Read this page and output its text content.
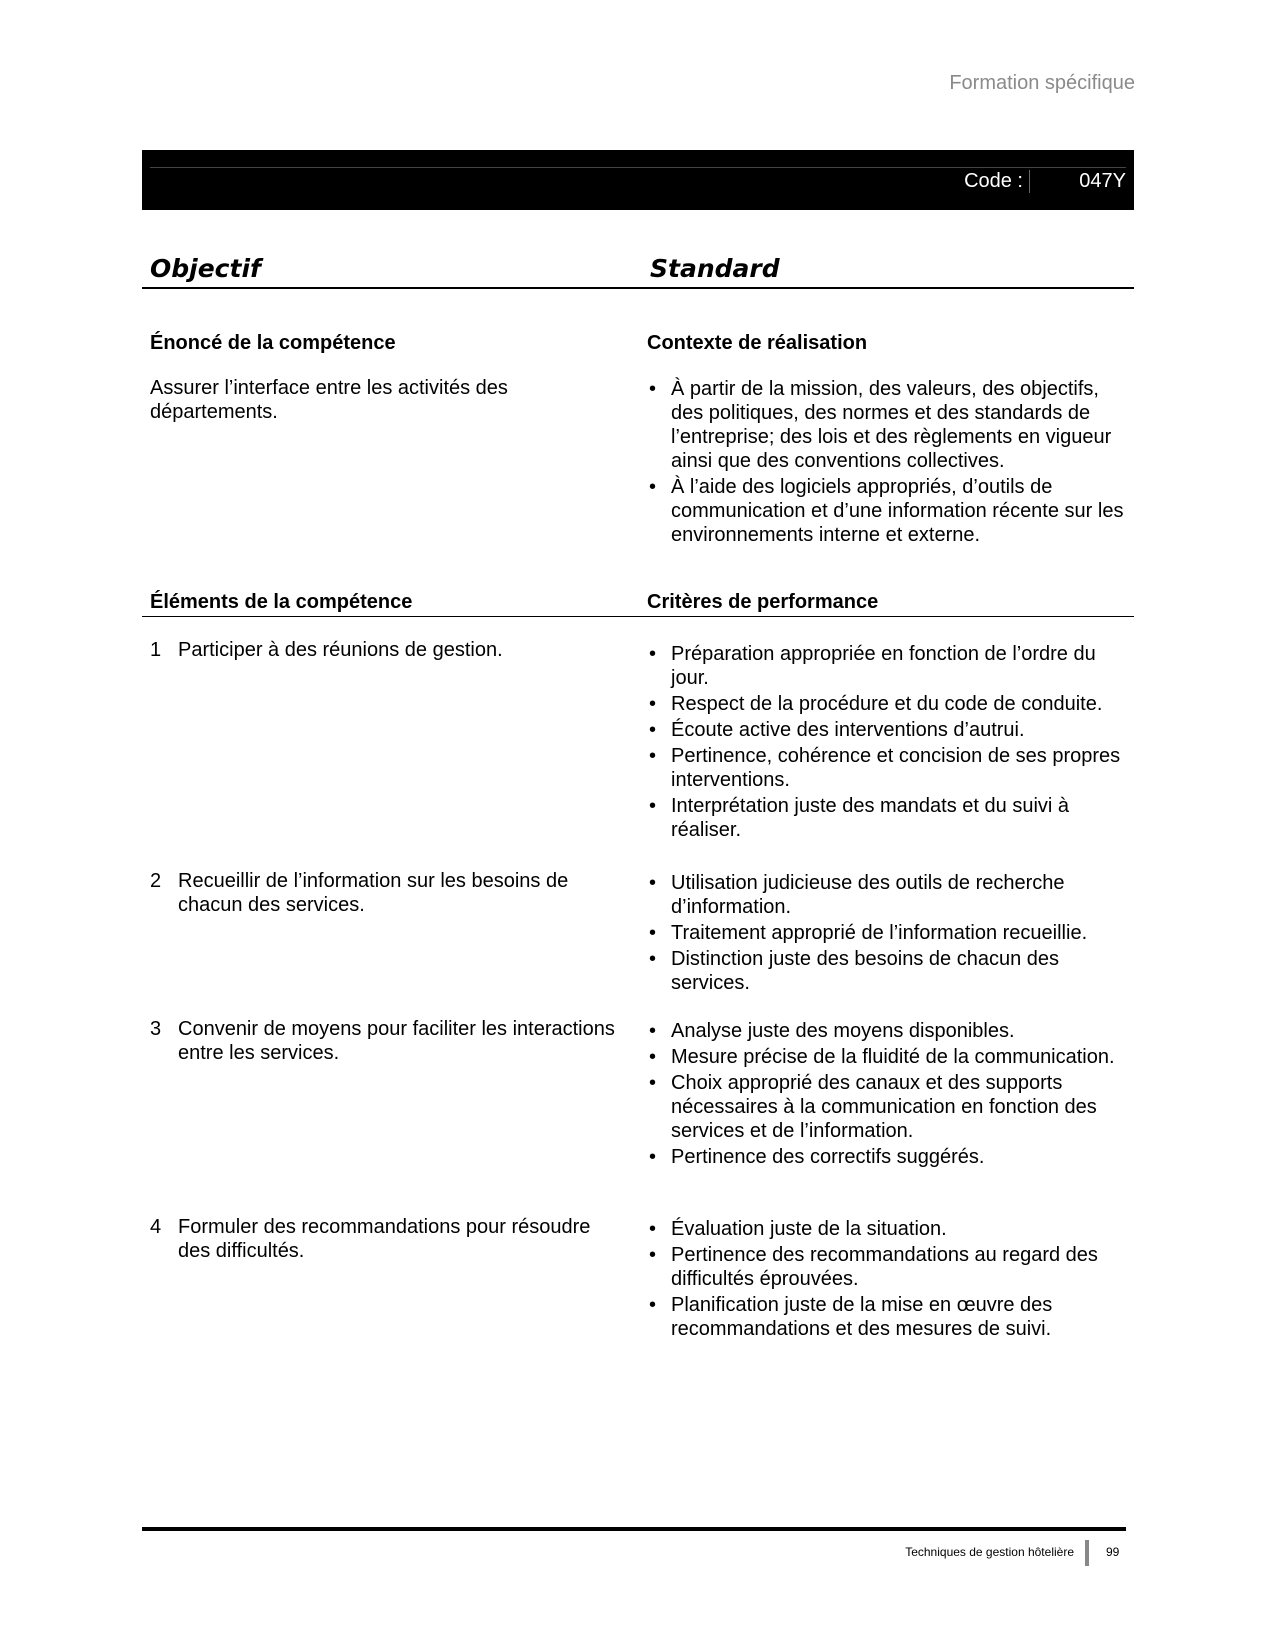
Formation spécifique
Code :	047Y
Objectif	Standard
Énoncé de la compétence
Assurer l’interface entre les activités des départements.
Contexte de réalisation
• À partir de la mission, des valeurs, des objectifs, des politiques, des normes et des standards de l’entreprise; des lois et des règlements en vigueur ainsi que des conventions collectives.
• À l’aide des logiciels appropriés, d’outils de communication et d’une information récente sur les environnements interne et externe.
Éléments de la compétence	Critères de performance
1 Participer à des réunions de gestion.
•	Préparation appropriée en fonction de l’ordre du jour.
• Respect de la procédure et du code de conduite.
• Écoute active des interventions d’autrui.
• Pertinence, cohérence et concision de ses propres interventions.
• Interprétation juste des mandats et du suivi à réaliser.
2 Recueillir de l’information sur les besoins de chacun des services.
• Utilisation judicieuse des outils de recherche d’information.
• Traitement approprié de l’information recueillie.
• Distinction juste des besoins de chacun des services.
3 Convenir de moyens pour faciliter les interactions entre les services.
• Analyse juste des moyens disponibles.
• Mesure précise de la fluidité de la communication.
• Choix approprié des canaux et des supports nécessaires à la communication en fonction des services et de l’information.
• Pertinence des correctifs suggérés.
4 Formuler des recommandations pour résoudre des difficultés.
• Évaluation juste de la situation.
• Pertinence des recommandations au regard des difficultés éprouvées.
• Planification juste de la mise en œuvre des recommandations et des mesures de suivi.
Techniques de gestion hôtelière	99
